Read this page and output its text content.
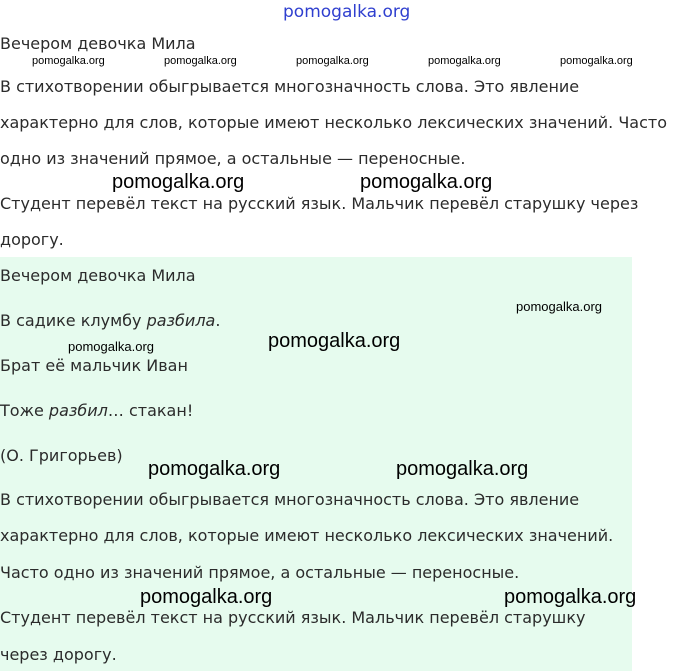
pomogalka.org
Вечером девочка Мила
В стихотворении обыгрывается многозначность слова. Это явление
характерно для слов, которые имеют несколько лексических значений. Часто
одно из значений прямое, а остальные — переносные.
Студент перевёл текст на русский язык. Мальчик перевёл старушку через
дорогу.
Вечером девочка Мила
В садике клумбу разбила.
Брат её мальчик Иван
Тоже разбил… стакан!
(О. Григорьев)
В стихотворении обыгрывается многозначность слова. Это явление
характерно для слов, которые имеют несколько лексических значений.
Часто одно из значений прямое, а остальные — переносные.
Студент перевёл текст на русский язык. Мальчик перевёл старушку
через дорогу.
pomogalka.org	pomogalka.org	pomogalka.org	pomogalka.org	pomogalka.org
pomogalka.org	pomogalka.org
pomogalka.org
pomogalka.org
pomogalka.org
pomogalka.org	pomogalka.org
pomogalka.org	pomogalka.org
